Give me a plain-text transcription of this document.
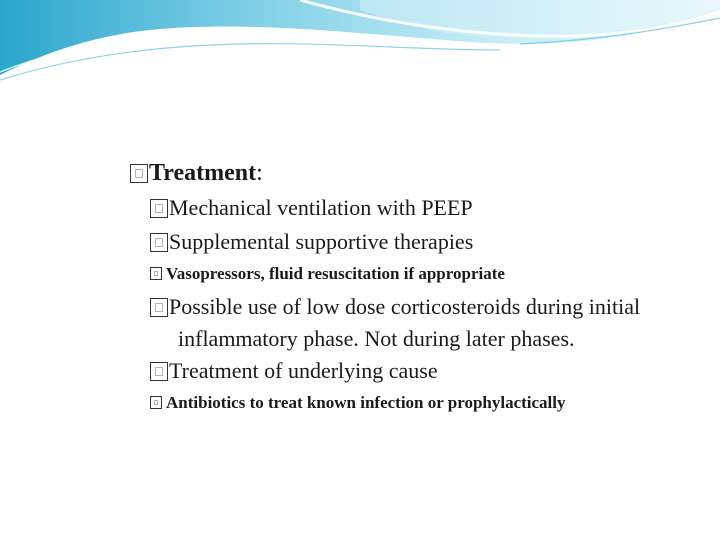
Treatment:
Mechanical ventilation with PEEP
Supplemental supportive therapies
Vasopressors, fluid resuscitation if appropriate
Possible use of low dose corticosteroids during initial
inflammatory phase. Not during later phases.
Treatment of underlying cause
Antibiotics to treat known infection or prophylactically
